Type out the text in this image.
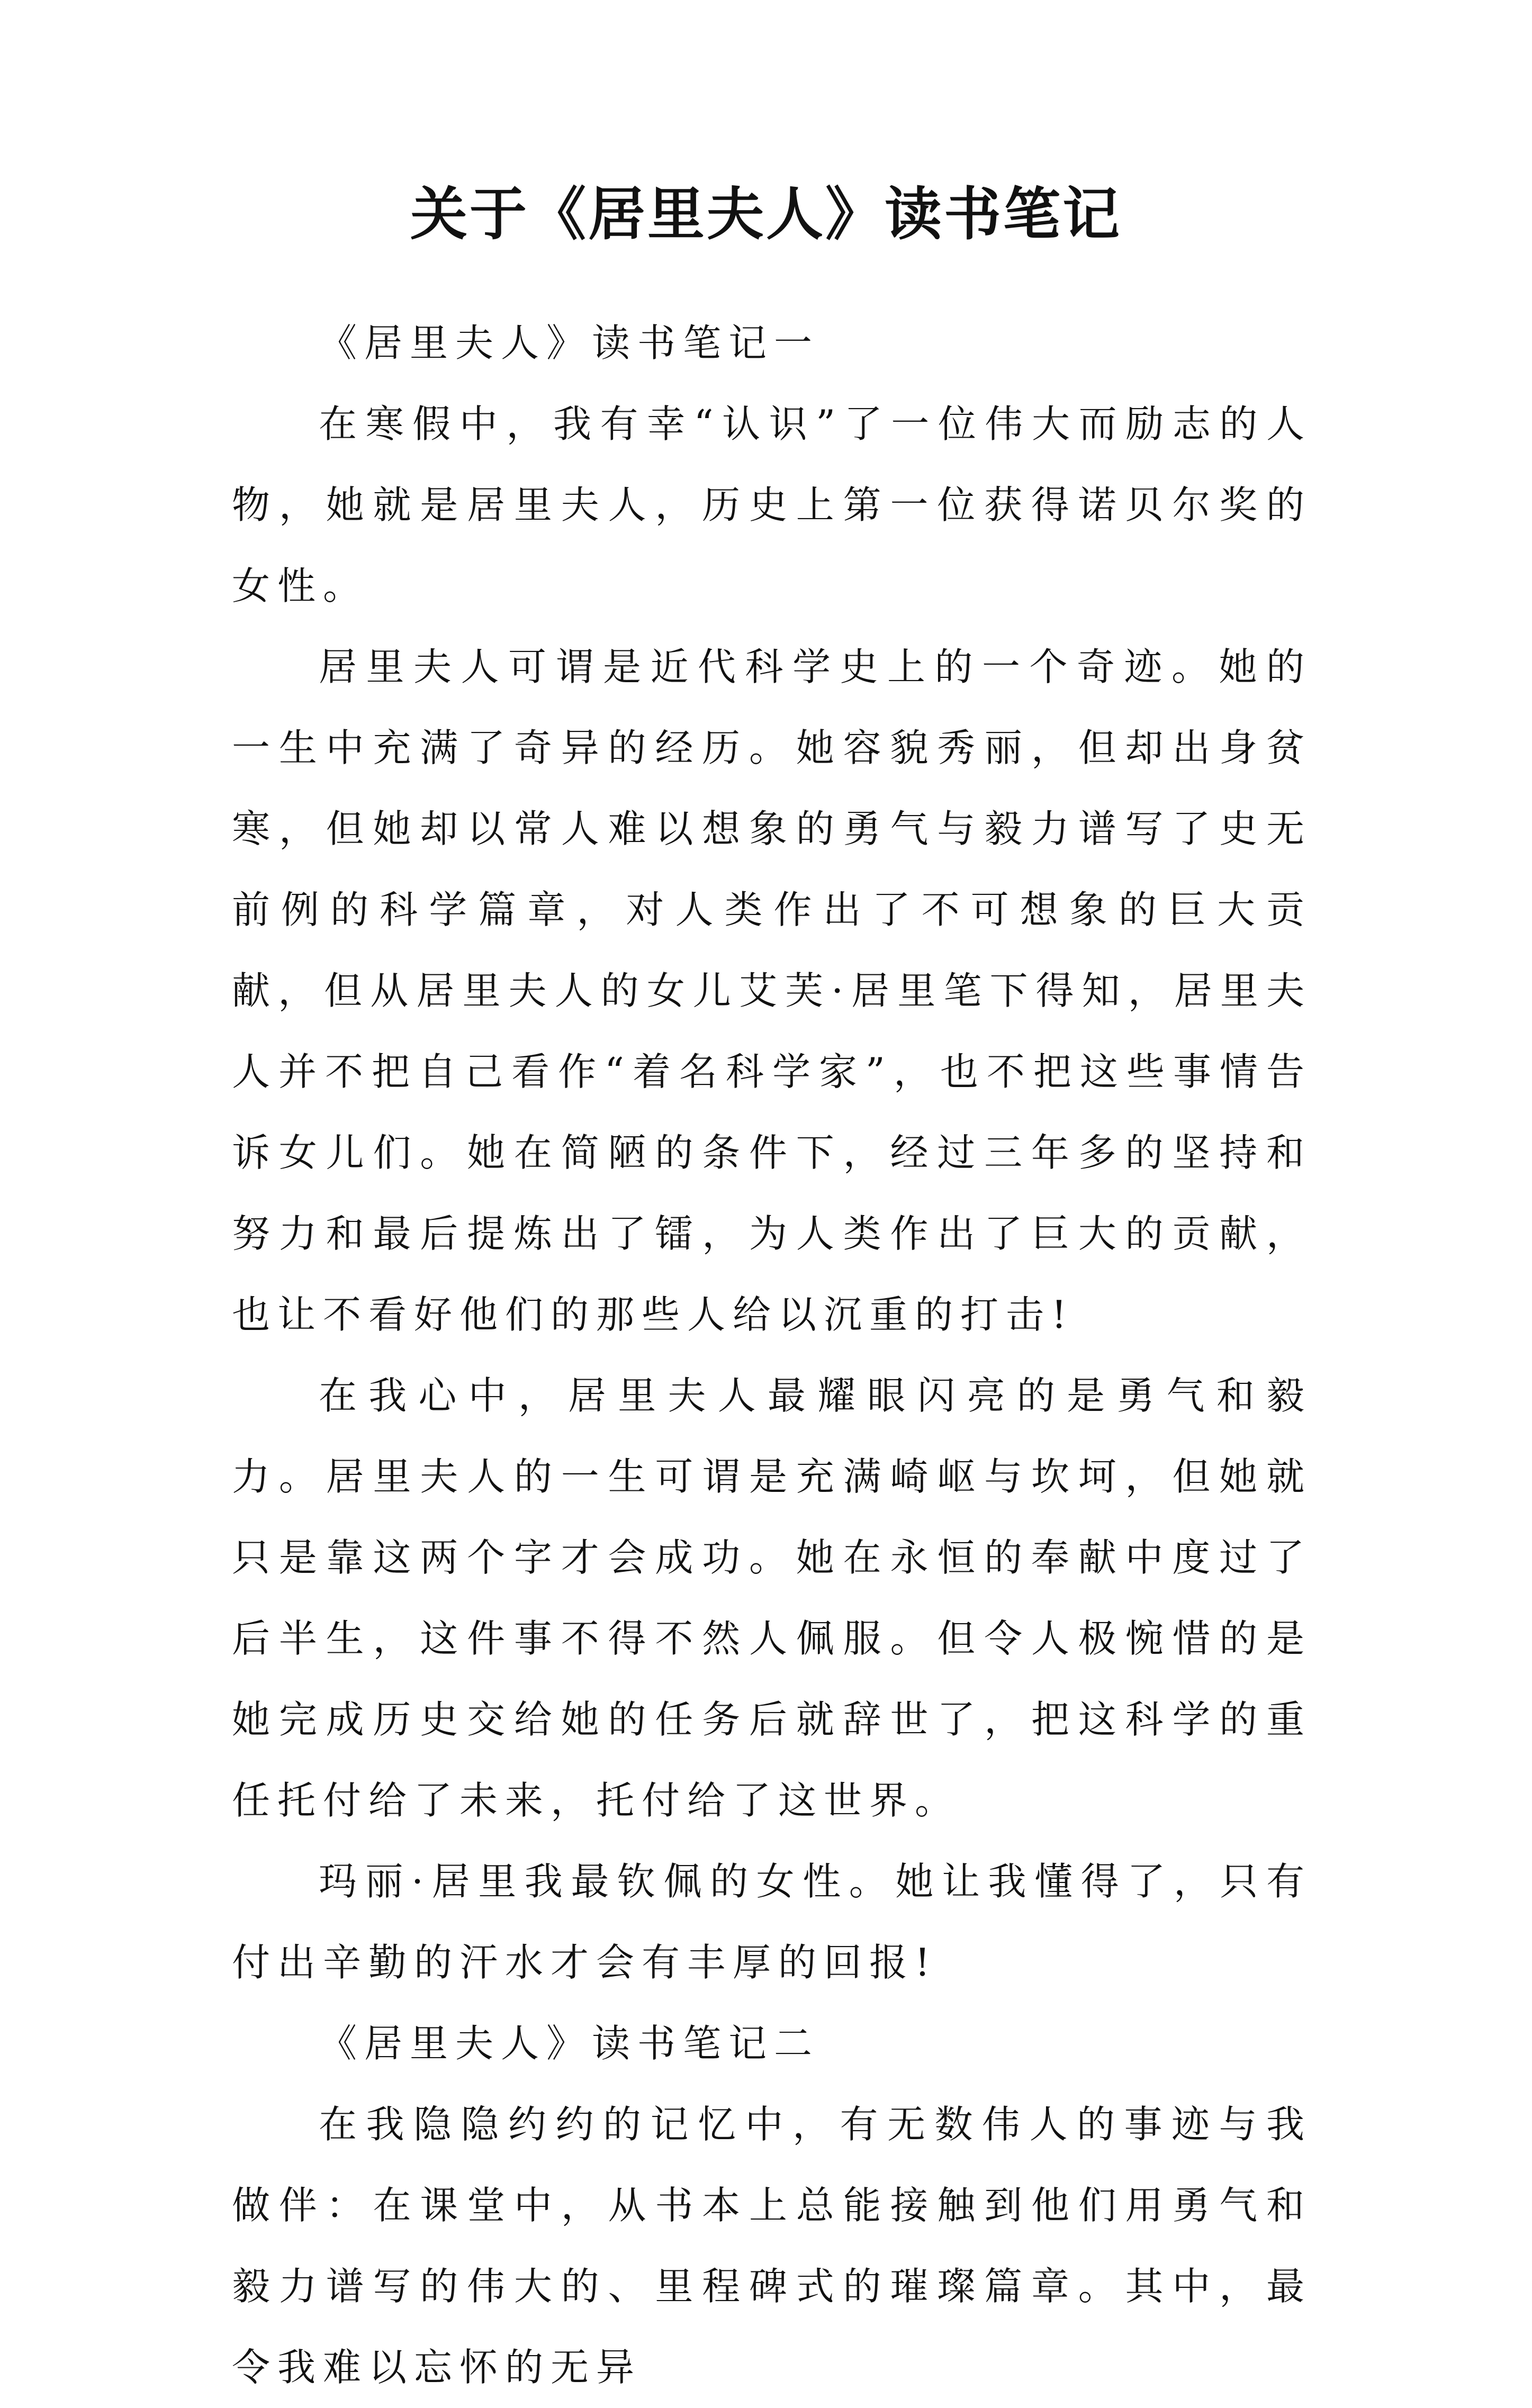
关于《居里夫人》读书笔记

《居里夫人》读书笔记一

在寒假中，我有幸“认识”了一位伟大而励志的人物，她就是居里夫人，历史上第一位获得诺贝尔奖的女性。

居里夫人可谓是近代科学史上的一个奇迹。她的一生中充满了奇异的经历。她容貌秀丽，但却出身贫寒，但她却以常人难以想象的勇气与毅力谱写了史无前例的科学篇章，对人类作出了不可想象的巨大贡献，但从居里夫人的女儿艾芙·居里笔下得知，居里夫人并不把自己看作“着名科学家”，也不把这些事情告诉女儿们。她在简陋的条件下，经过三年多的坚持和努力和最后提炼出了镭，为人类作出了巨大的贡献，也让不看好他们的那些人给以沉重的打击!

在我心中，居里夫人最耀眼闪亮的是勇气和毅力。居里夫人的一生可谓是充满崎岖与坎坷，但她就只是靠这两个字才会成功。她在永恒的奉献中度过了后半生，这件事不得不然人佩服。但令人极惋惜的是她完成历史交给她的任务后就辞世了，把这科学的重任托付给了未来，托付给了这世界。

玛丽·居里我最钦佩的女性。她让我懂得了，只有付出辛勤的汗水才会有丰厚的回报!

《居里夫人》读书笔记二

在我隐隐约约的记忆中，有无数伟人的事迹与我做伴：在课堂中，从书本上总能接触到他们用勇气和毅力谱写的伟大的、里程碑式的璀璨篇章。其中，最令我难以忘怀的无异
